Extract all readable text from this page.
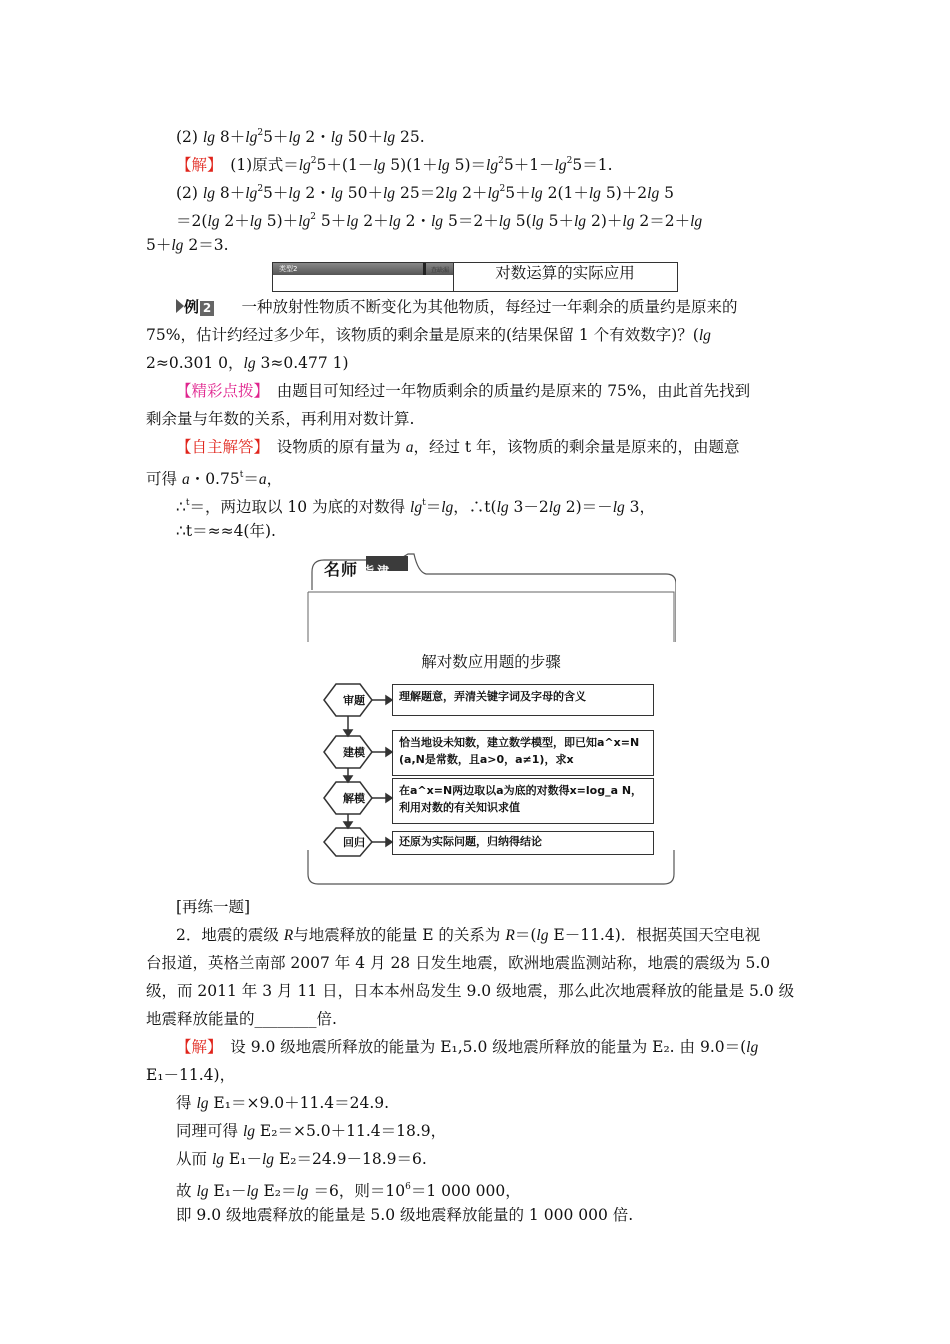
(2) $\lg 8+\lg^25+\lg$ 2・lg 50＋lg 25.
【解】　(1)原式$=\lg^25+(1-\lg$ 5)(1＋lg $5)=\lg^25+1-\lg^25=1$.
(2) $\lg 8+\lg^25+\lg$ 2・lg 50＋lg 25＝2lg $2+\lg^25+\lg$ 2(1＋lg 5)＋2lg 5
＝2(lg 2＋lg $5)+\lg^2$ 5＋lg 2＋lg 2・lg 5＝2＋lg 5(lg 5＋lg 2)＋lg 2＝2＋lg
5＋lg 2＝3.
类型2	查缺漏	对数运算的实际应用
例 2 　一种放射性物质不断变化为其他物质，每经过一年剩余的质量约是原来的
75%，估计约经过多少年，该物质的剩余量是原来的(结果保留 1 个有效数字)？(lg
2≈0.301 0，lg 3≈0.477 1)
【精彩点拨】　由题目可知经过一年物质剩余的质量约是原来的 75%，由此首先找到
剩余量与年数的关系，再利用对数计算.
【自主解答】　设物质的原有量为 a，经过 t 年，该物质的剩余量是原来的，由题意
可得 a・$0.75^t=a$，
∴$^t$＝，两边取以 10 为底的对数得 $\lg^t=\lg$，∴t(lg 3－2lg 2)＝－lg 3，
∴t＝≈≈4(年).
名师 指津
解对数应用题的步骤
审题
建模
解模
回归
理解题意，弄清关键字词及字母的含义
恰当地设未知数，建立数学模型，即已知a^x=N (a,N是常数，且a>0，a≠1)，求x
在a^x=N两边取以a为底的对数得x=log_a N，利用对数的有关知识求值
还原为实际问题，归纳得结论
[再练一题]
2．地震的震级 R与地震释放的能量 E 的关系为 R＝(lg E－11.4)．根据英国天空电视
台报道，英格兰南部 2007 年 4 月 28 日发生地震，欧洲地震监测站称，地震的震级为 5.0
级，而 2011 年 3 月 11 日，日本本州岛发生 9.0 级地震，那么此次地震释放的能量是 5.0 级
地震释放能量的________倍.
【解】　设 9.0 级地震所释放的能量为 E₁,5.0 级地震所释放的能量为 E₂. 由 9.0＝(lg
E₁－11.4)，
得 lg E₁＝×9.0＋11.4＝24.9.
同理可得 lg E₂＝×5.0＋11.4＝18.9，
从而 lg E₁－lg E₂＝24.9－18.9＝6.
故 lg E₁－lg E₂＝lg ＝6，则$=10^6=1$ 000 000，
即 9.0 级地震释放的能量是 5.0 级地震释放能量的 1 000 000 倍.
